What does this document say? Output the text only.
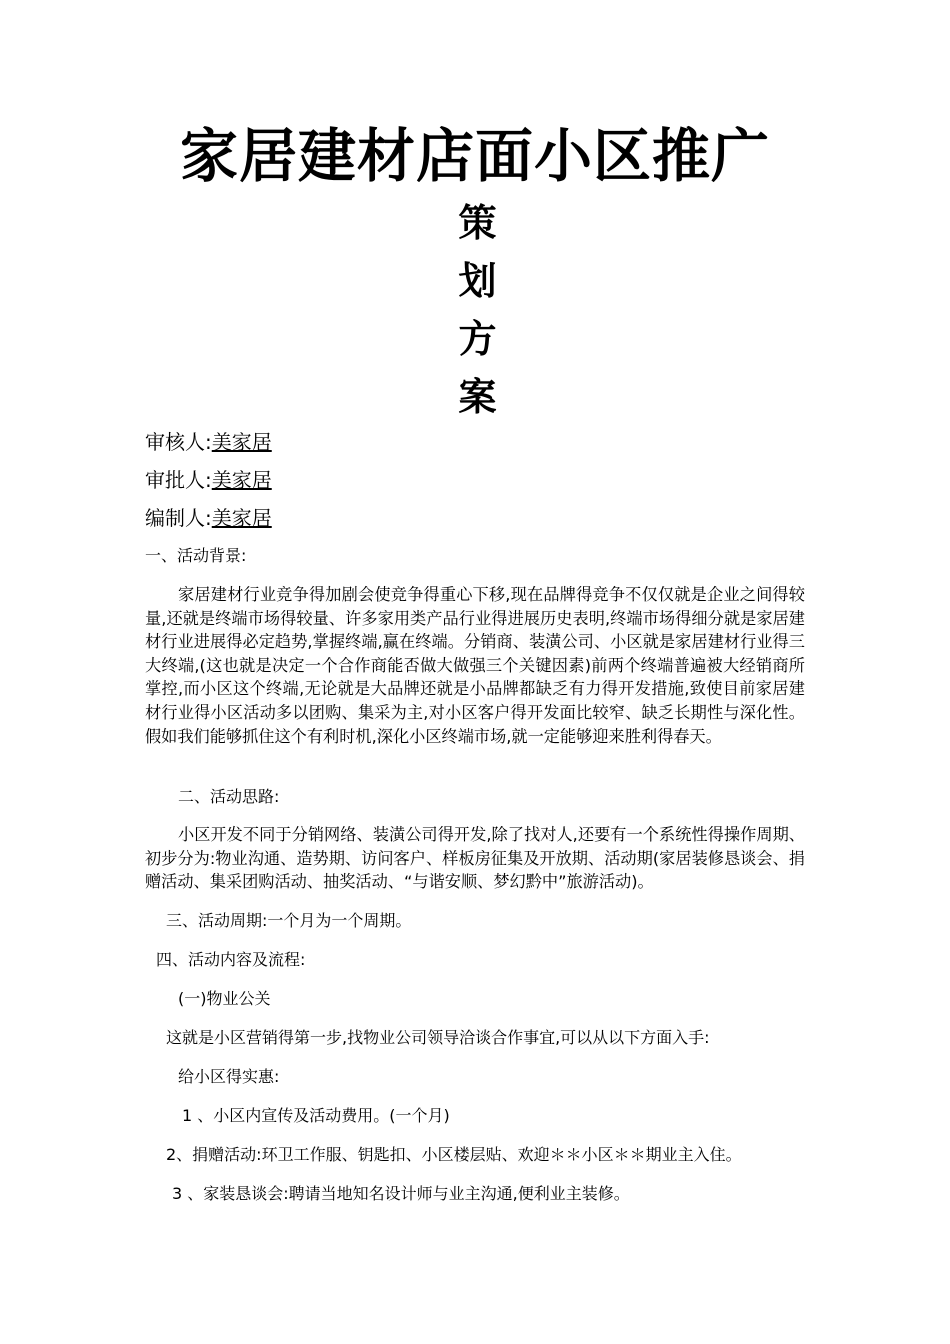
家居建材店面小区推广
策
划
方
案
审核人:美家居
审批人:美家居
编制人:美家居
一、活动背景:

家居建材行业竞争得加剧会使竞争得重心下移,现在品牌得竞争不仅仅就是企业之间得较量,还就是终端市场得较量、许多家用类产品行业得进展历史表明,终端市场得细分就是家居建材行业进展得必定趋势,掌握终端,赢在终端。分销商、装潢公司、小区就是家居建材行业得三大终端,(这也就是决定一个合作商能否做大做强三个关键因素)前两个终端普遍被大经销商所掌控,而小区这个终端,无论就是大品牌还就是小品牌都缺乏有力得开发措施,致使目前家居建材行业得小区活动多以团购、集采为主,对小区客户得开发面比较窄、缺乏长期性与深化性。假如我们能够抓住这个有利时机,深化小区终端市场,就一定能够迎来胜利得春天。

二、活动思路:

小区开发不同于分销网络、装潢公司得开发,除了找对人,还要有一个系统性得操作周期、初步分为:物业沟通、造势期、访问客户、样板房征集及开放期、活动期(家居装修恳谈会、捐赠活动、集采团购活动、抽奖活动、“与谐安顺、梦幻黔中”旅游活动)。

三、活动周期:一个月为一个周期。
四、活动内容及流程:
(一)物业公关
这就是小区营销得第一步,找物业公司领导洽谈合作事宜,可以从以下方面入手:
给小区得实惠:
1 、小区内宣传及活动费用。(一个月)
2、捐赠活动:环卫工作服、钥匙扣、小区楼层贴、欢迎＊＊小区＊＊期业主入住。
3 、家装恳谈会:聘请当地知名设计师与业主沟通,便利业主装修。
